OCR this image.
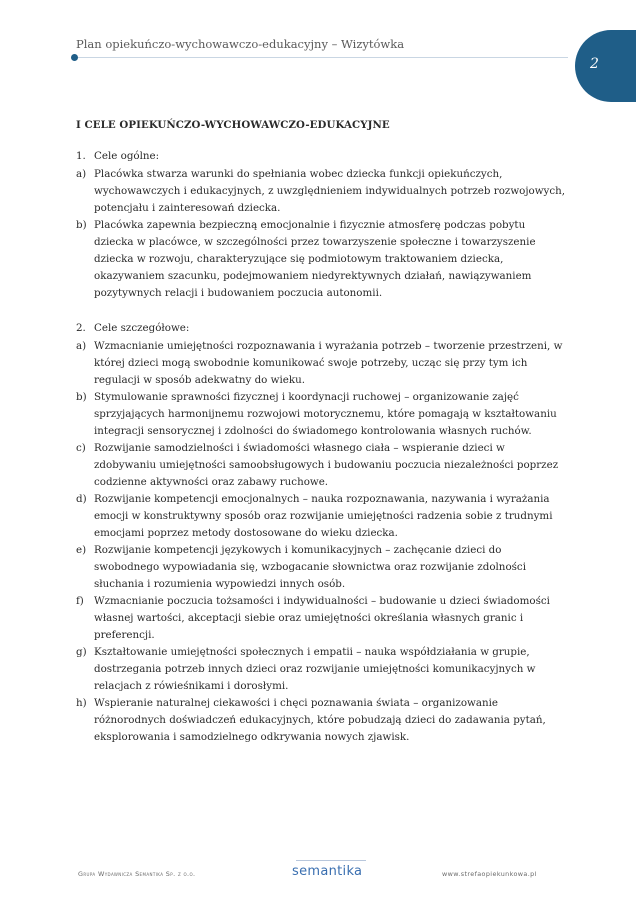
Plan opiekuńczo-wychowawczo-edukacyjny – Wizytówka
2
I CELE OPIEKUŃCZO-WYCHOWAWCZO-EDUKACYJNE
1. Cele ogólne:
a) Placówka stwarza warunki do spełniania wobec dziecka funkcji opiekuńczych, wychowawczych i edukacyjnych, z uwzględnieniem indywidualnych potrzeb rozwojowych, potencjału i zainteresowań dziecka.
b) Placówka zapewnia bezpieczną emocjonalnie i fizycznie atmosferę podczas pobytu dziecka w placówce, w szczególności przez towarzyszenie społeczne i towarzyszenie dziecka w rozwoju, charakteryzujące się podmiotowym traktowaniem dziecka, okazywaniem szacunku, podejmowaniem niedyrektywnych działań, nawiązywaniem pozytywnych relacji i budowaniem poczucia autonomii.
2. Cele szczegółowe:
a) Wzmacnianie umiejętności rozpoznawania i wyrażania potrzeb – tworzenie przestrzeni, w której dzieci mogą swobodnie komunikować swoje potrzeby, ucząc się przy tym ich regulacji w sposób adekwatny do wieku.
b) Stymulowanie sprawności fizycznej i koordynacji ruchowej – organizowanie zajęć sprzyjających harmonijnemu rozwojowi motorycznemu, które pomagają w kształtowaniu integracji sensorycznej i zdolności do świadomego kontrolowania własnych ruchów.
c) Rozwijanie samodzielności i świadomości własnego ciała – wspieranie dzieci w zdobywaniu umiejętności samoobsługowych i budowaniu poczucia niezależności poprzez codzienne aktywności oraz zabawy ruchowe.
d) Rozwijanie kompetencji emocjonalnych – nauka rozpoznawania, nazywania i wyrażania emocji w konstruktywny sposób oraz rozwijanie umiejętności radzenia sobie z trudnymi emocjami poprzez metody dostosowane do wieku dziecka.
e) Rozwijanie kompetencji językowych i komunikacyjnych – zachęcanie dzieci do swobodnego wypowiadania się, wzbogacanie słownictwa oraz rozwijanie zdolności słuchania i rozumienia wypowiedzi innych osób.
f) Wzmacnianie poczucia tożsamości i indywidualności – budowanie u dzieci świadomości własnej wartości, akceptacji siebie oraz umiejętności określania własnych granic i preferencji.
g) Kształtowanie umiejętności społecznych i empatii – nauka współdziałania w grupie, dostrzegania potrzeb innych dzieci oraz rozwijanie umiejętności komunikacyjnych w relacjach z rówieśnikami i dorosłymi.
h) Wspieranie naturalnej ciekawości i chęci poznawania świata – organizowanie różnorodnych doświadczeń edukacyjnych, które pobudzają dzieci do zadawania pytań, eksplorowania i samodzielnego odkrywania nowych zjawisk.
Grupa Wydawnicza Semantika Sp. z o.o.	semantika	www.strefaopiekunkowa.pl
